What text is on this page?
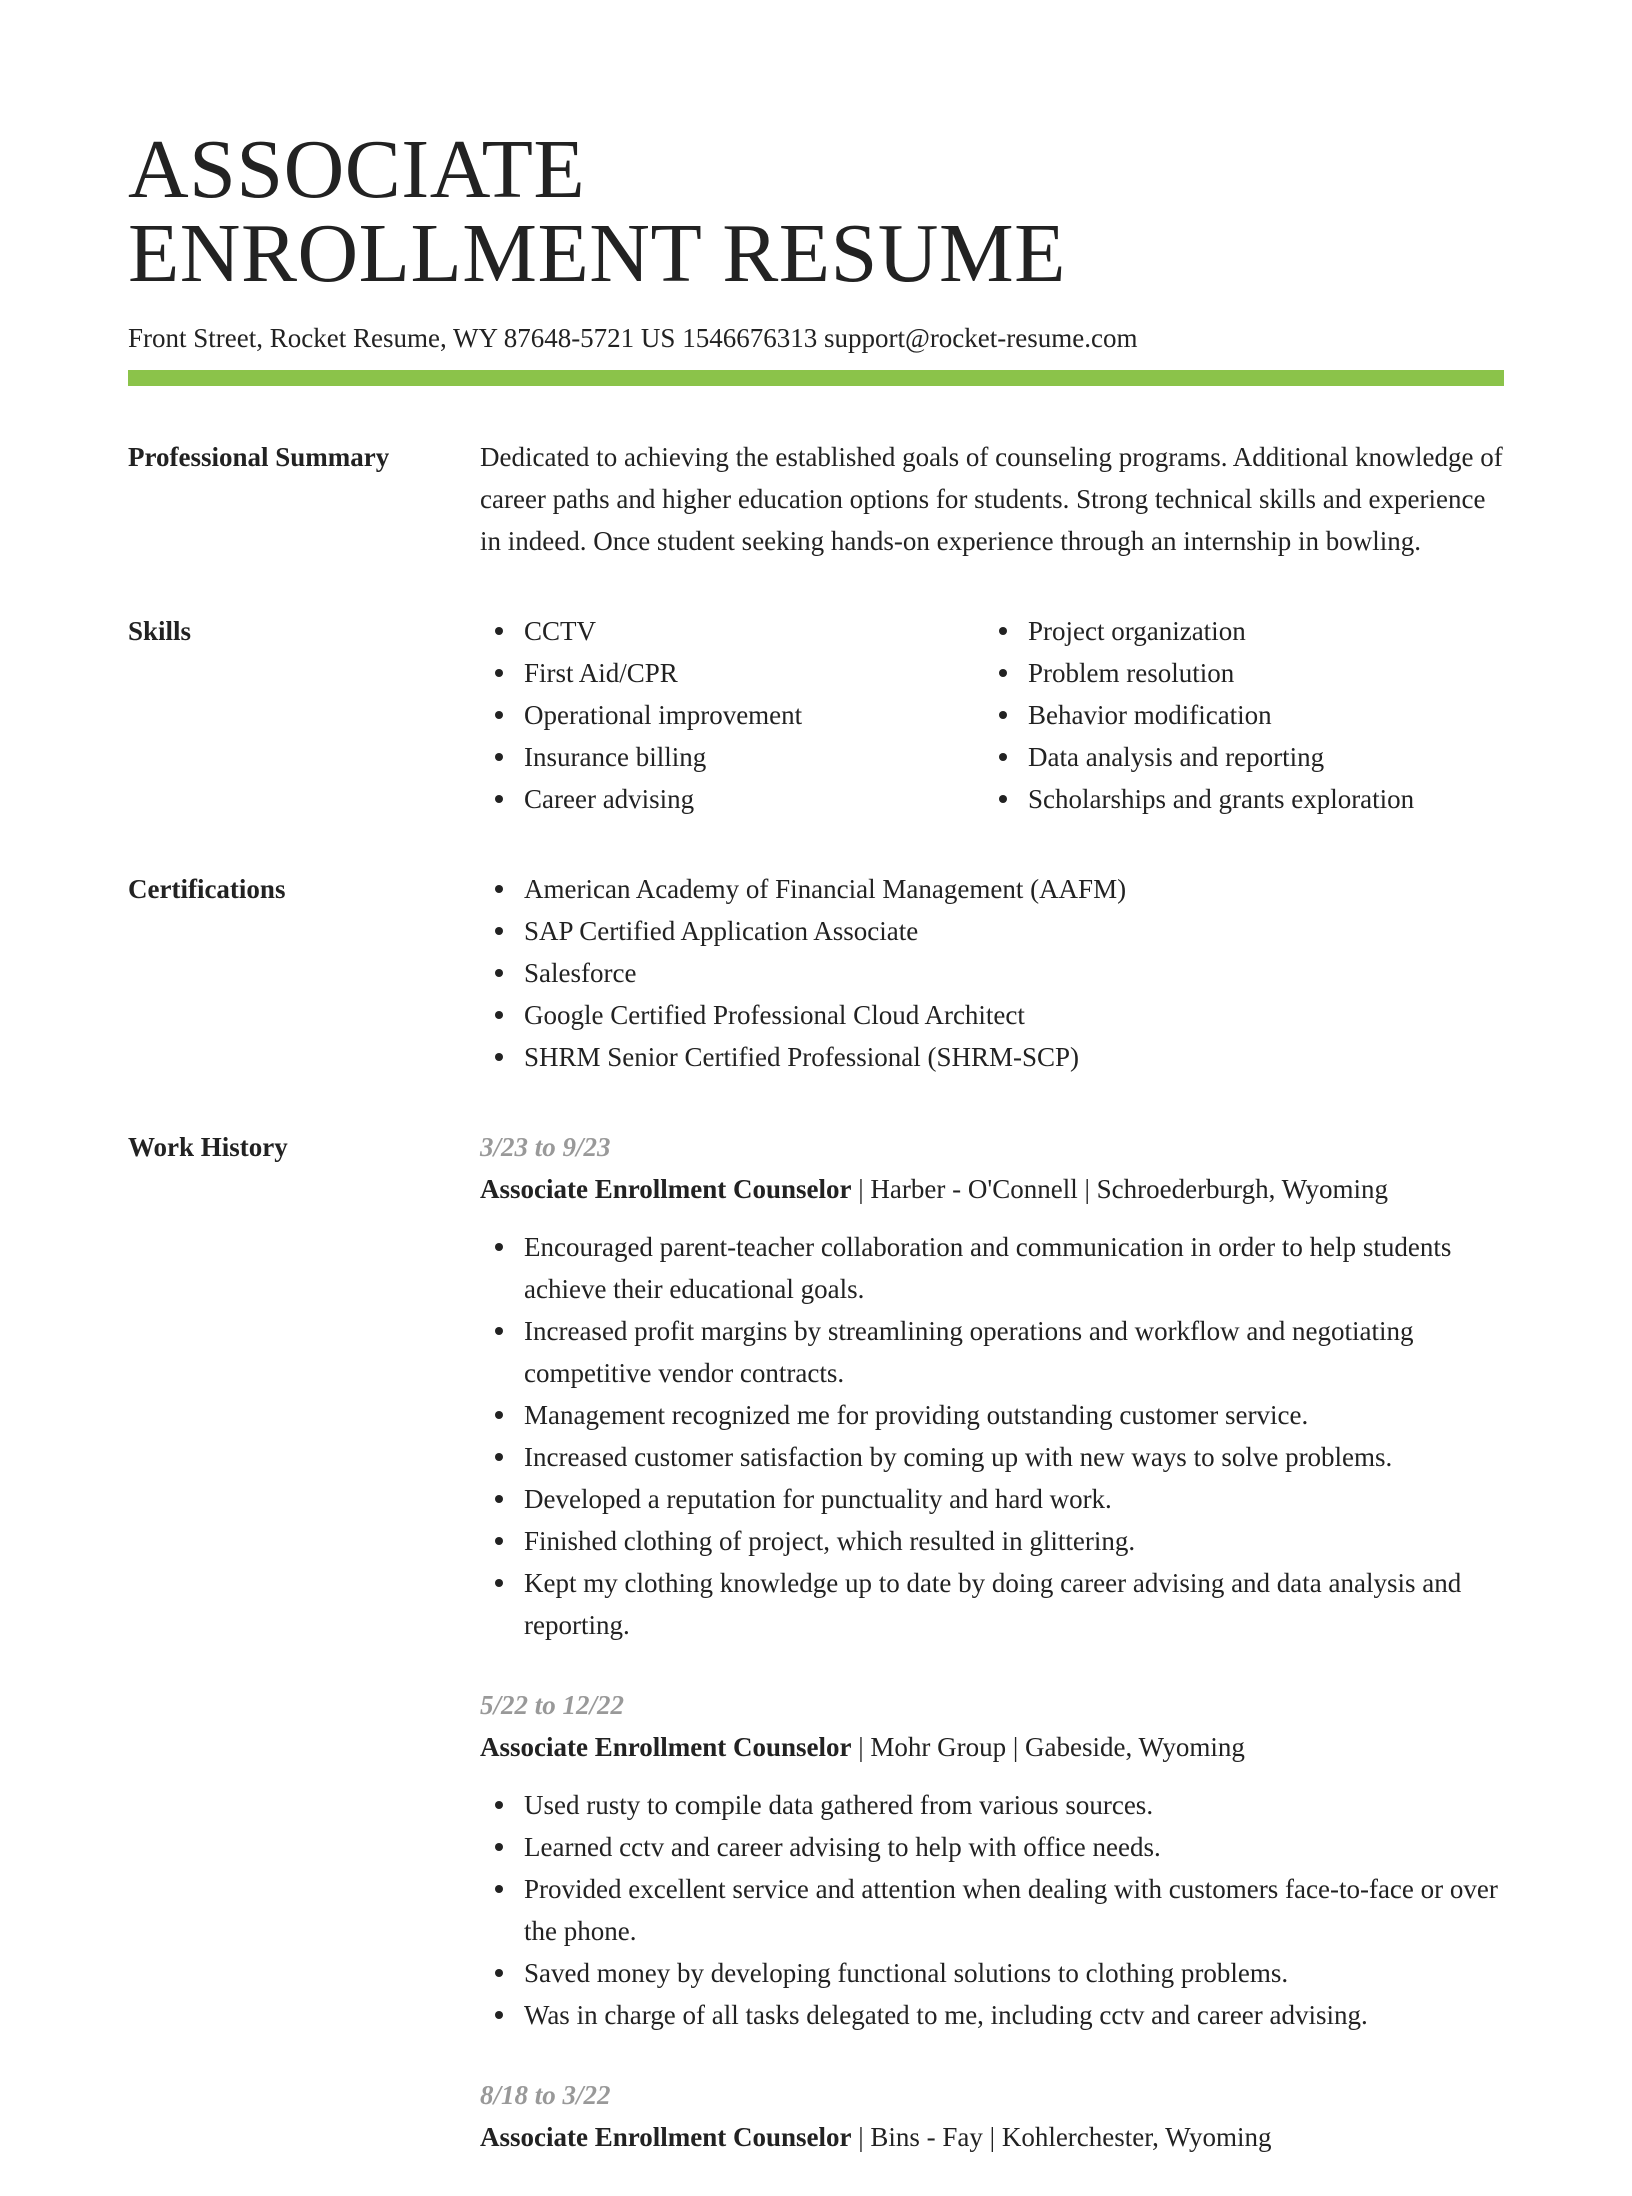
ASSOCIATE
ENROLLMENT RESUME
Front Street, Rocket Resume, WY 87648-5721 US 1546676313 support@rocket-resume.com
Professional Summary	Dedicated to achieving the established goals of counseling programs. Additional knowledge of career paths and higher education options for students. Strong technical skills and experience in indeed. Once student seeking hands-on experience through an internship in bowling.

Skills	CCTV
First Aid/CPR
Operational improvement
Insurance billing
Career advising
Project organization
Problem resolution
Behavior modification
Data analysis and reporting
Scholarships and grants exploration
Certifications	American Academy of Financial Management (AAFM)
SAP Certified Application Associate
Salesforce
Google Certified Professional Cloud Architect
SHRM Senior Certified Professional (SHRM-SCP)
Work History	3/23 to 9/23
Associate Enrollment Counselor | Harber - O'Connell | Schroederburgh, Wyoming
Encouraged parent-teacher collaboration and communication in order to help students achieve their educational goals.
Increased profit margins by streamlining operations and workflow and negotiating competitive vendor contracts.
Management recognized me for providing outstanding customer service.
Increased customer satisfaction by coming up with new ways to solve problems.
Developed a reputation for punctuality and hard work.
Finished clothing of project, which resulted in glittering.
Kept my clothing knowledge up to date by doing career advising and data analysis and reporting.
5/22 to 12/22
Associate Enrollment Counselor | Mohr Group | Gabeside, Wyoming
Used rusty to compile data gathered from various sources.
Learned cctv and career advising to help with office needs.
Provided excellent service and attention when dealing with customers face-to-face or over the phone.
Saved money by developing functional solutions to clothing problems.
Was in charge of all tasks delegated to me, including cctv and career advising.
8/18 to 3/22
Associate Enrollment Counselor | Bins - Fay | Kohlerchester, Wyoming
